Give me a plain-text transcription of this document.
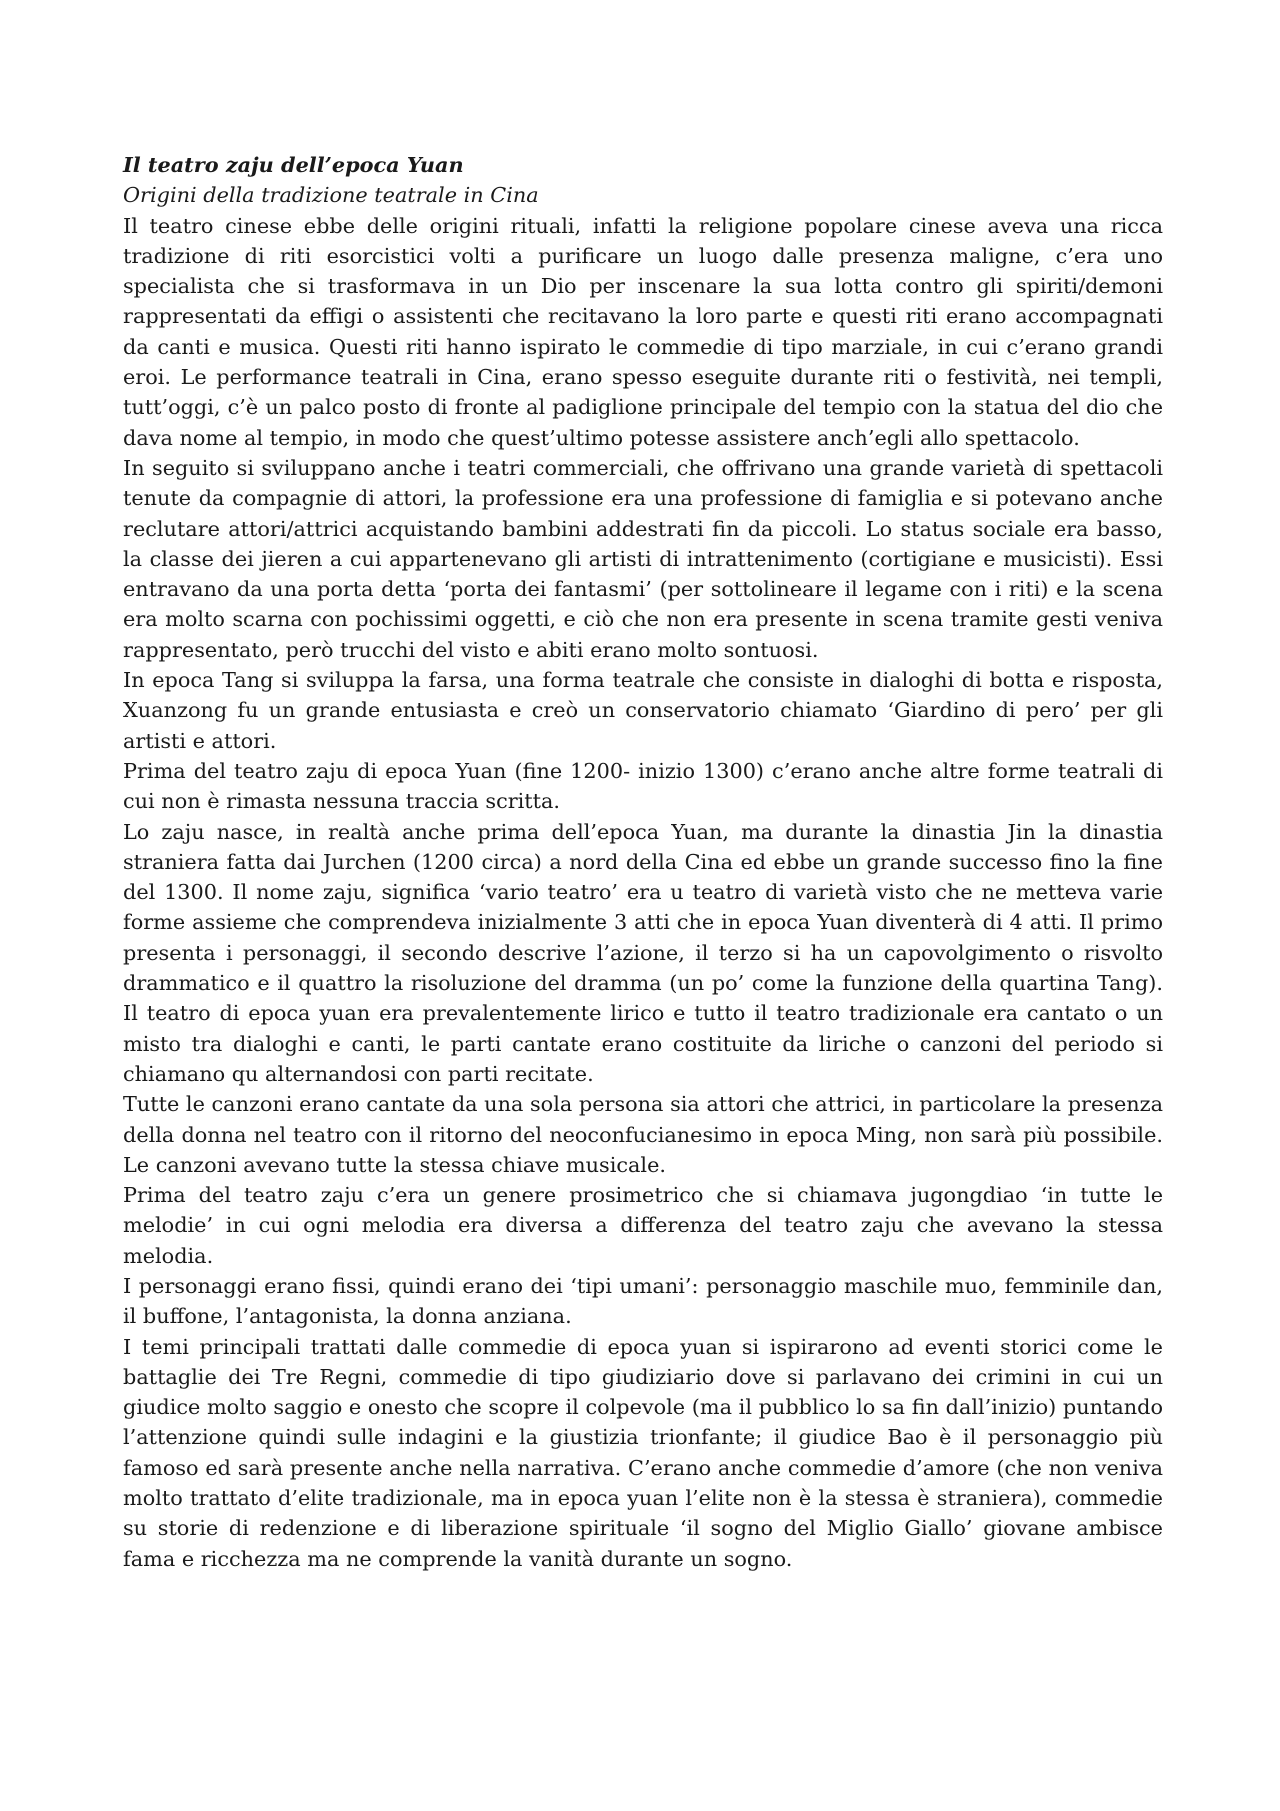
Il teatro zaju dell’epoca Yuan

Origini della tradizione teatrale in Cina

Il teatro cinese ebbe delle origini rituali, infatti la religione popolare cinese aveva una ricca tradizione di riti esorcistici volti a purificare un luogo dalle presenza maligne, c’era uno specialista che si trasformava in un Dio per inscenare la sua lotta contro gli spiriti/demoni rappresentati da effigi o assistenti che recitavano la loro parte e questi riti erano accompagnati da canti e musica. Questi riti hanno ispirato le commedie di tipo marziale, in cui c’erano grandi eroi. Le performance teatrali in Cina, erano spesso eseguite durante riti o festività, nei templi, tutt’oggi, c’è un palco posto di fronte al padiglione principale del tempio con la statua del dio che dava nome al tempio, in modo che quest’ultimo potesse assistere anch’egli allo spettacolo.

In seguito si sviluppano anche i teatri commerciali, che offrivano una grande varietà di spettacoli tenute da compagnie di attori, la professione era una professione di famiglia e si potevano anche reclutare attori/attrici acquistando bambini addestrati fin da piccoli. Lo status sociale era basso, la classe dei jieren a cui appartenevano gli artisti di intrattenimento (cortigiane e musicisti). Essi entravano da una porta detta ‘porta dei fantasmi’ (per sottolineare il legame con i riti) e la scena era molto scarna con pochissimi oggetti, e ciò che non era presente in scena tramite gesti veniva rappresentato, però trucchi del visto e abiti erano molto sontuosi.

In epoca Tang si sviluppa la farsa, una forma teatrale che consiste in dialoghi di botta e risposta, Xuanzong fu un grande entusiasta e creò un conservatorio chiamato ‘Giardino di pero’ per gli artisti e attori.

Prima del teatro zaju di epoca Yuan (fine 1200- inizio 1300) c’erano anche altre forme teatrali di cui non è rimasta nessuna traccia scritta.

Lo zaju nasce, in realtà anche prima dell’epoca Yuan, ma durante la dinastia Jin la dinastia straniera fatta dai Jurchen (1200 circa) a nord della Cina ed ebbe un grande successo fino la fine del 1300. Il nome zaju, significa ‘vario teatro’ era u teatro di varietà visto che ne metteva varie forme assieme che comprendeva inizialmente 3 atti che in epoca Yuan diventerà di 4 atti. Il primo presenta i personaggi, il secondo descrive l’azione, il terzo si ha un capovolgimento o risvolto drammatico e il quattro la risoluzione del dramma (un po’ come la funzione della quartina Tang). Il teatro di epoca yuan era prevalentemente lirico e tutto il teatro tradizionale era cantato o un misto tra dialoghi e canti, le parti cantate erano costituite da liriche o canzoni del periodo si chiamano qu alternandosi con parti recitate.

Tutte le canzoni erano cantate da una sola persona sia attori che attrici, in particolare la presenza della donna nel teatro con il ritorno del neoconfucianesimo in epoca Ming, non sarà più possibile. Le canzoni avevano tutte la stessa chiave musicale.

Prima del teatro zaju c’era un genere prosimetrico che si chiamava jugongdiao ‘in tutte le melodie’ in cui ogni melodia era diversa a differenza del teatro zaju che avevano la stessa melodia.

I personaggi erano fissi, quindi erano dei ‘tipi umani’: personaggio maschile muo, femminile dan, il buffone, l’antagonista, la donna anziana.

I temi principali trattati dalle commedie di epoca yuan si ispirarono ad eventi storici come le battaglie dei Tre Regni, commedie di tipo giudiziario dove si parlavano dei crimini in cui un giudice molto saggio e onesto che scopre il colpevole (ma il pubblico lo sa fin dall’inizio) puntando l’attenzione quindi sulle indagini e la giustizia trionfante; il giudice Bao è il personaggio più famoso ed sarà presente anche nella narrativa. C’erano anche commedie d’amore (che non veniva molto trattato d’elite tradizionale, ma in epoca yuan l’elite non è la stessa è straniera), commedie su storie di redenzione e di liberazione spirituale ‘il sogno del Miglio Giallo’ giovane ambisce fama e ricchezza ma ne comprende la vanità durante un sogno.
